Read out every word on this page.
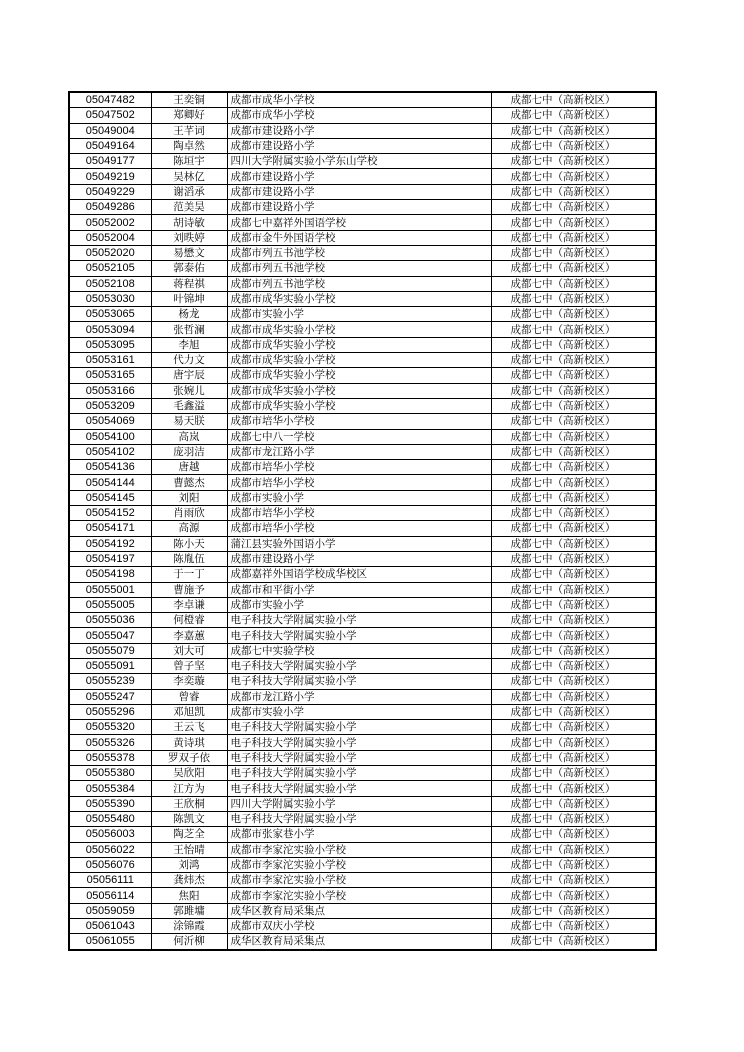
05047482	王奕铜	成都市成华小学校	成都七中（高新校区）
05047502	郑卿好	成都市成华小学校	成都七中（高新校区）
05049004	王芊词	成都市建设路小学	成都七中（高新校区）
05049164	陶卓然	成都市建设路小学	成都七中（高新校区）
05049177	陈垣宇	四川大学附属实验小学东山学校	成都七中（高新校区）
05049219	吴林亿	成都市建设路小学	成都七中（高新校区）
05049229	谢滔承	成都市建设路小学	成都七中（高新校区）
05049286	范美昊	成都市建设路小学	成都七中（高新校区）
05052002	胡诗敏	成都七中嘉祥外国语学校	成都七中（高新校区）
05052004	刘昳婷	成都市金牛外国语学校	成都七中（高新校区）
05052020	易懋文	成都市列五书池学校	成都七中（高新校区）
05052105	郭泰佑	成都市列五书池学校	成都七中（高新校区）
05052108	蒋程祺	成都市列五书池学校	成都七中（高新校区）
05053030	叶锦坤	成都市成华实验小学校	成都七中（高新校区）
05053065	杨龙	成都市实验小学	成都七中（高新校区）
05053094	张哲澜	成都市成华实验小学校	成都七中（高新校区）
05053095	李旭	成都市成华实验小学校	成都七中（高新校区）
05053161	代力文	成都市成华实验小学校	成都七中（高新校区）
05053165	唐宇辰	成都市成华实验小学校	成都七中（高新校区）
05053166	张婉儿	成都市成华实验小学校	成都七中（高新校区）
05053209	毛鑫溢	成都市成华实验小学校	成都七中（高新校区）
05054069	易天朕	成都市培华小学校	成都七中（高新校区）
05054100	高岚	成都七中八一学校	成都七中（高新校区）
05054102	庞羽洁	成都市龙江路小学	成都七中（高新校区）
05054136	唐越	成都市培华小学校	成都七中（高新校区）
05054144	曹懿杰	成都市培华小学校	成都七中（高新校区）
05054145	刘阳	成都市实验小学	成都七中（高新校区）
05054152	肖雨欣	成都市培华小学校	成都七中（高新校区）
05054171	高源	成都市培华小学校	成都七中（高新校区）
05054192	陈小天	蒲江县实验外国语小学	成都七中（高新校区）
05054197	陈胤伍	成都市建设路小学	成都七中（高新校区）
05054198	于一丁	成都嘉祥外国语学校成华校区	成都七中（高新校区）
05055001	曹施予	成都市和平街小学	成都七中（高新校区）
05055005	李卓谦	成都市实验小学	成都七中（高新校区）
05055036	何橙睿	电子科技大学附属实验小学	成都七中（高新校区）
05055047	李嘉蕙	电子科技大学附属实验小学	成都七中（高新校区）
05055079	刘大可	成都七中实验学校	成都七中（高新校区）
05055091	曾子坚	电子科技大学附属实验小学	成都七中（高新校区）
05055239	李奕璇	电子科技大学附属实验小学	成都七中（高新校区）
05055247	曾睿	成都市龙江路小学	成都七中（高新校区）
05055296	邓旭凯	成都市实验小学	成都七中（高新校区）
05055320	王云飞	电子科技大学附属实验小学	成都七中（高新校区）
05055326	黄诗琪	电子科技大学附属实验小学	成都七中（高新校区）
05055378	罗双子依	电子科技大学附属实验小学	成都七中（高新校区）
05055380	吴欣阳	电子科技大学附属实验小学	成都七中（高新校区）
05055384	江方为	电子科技大学附属实验小学	成都七中（高新校区）
05055390	王欣桐	四川大学附属实验小学	成都七中（高新校区）
05055480	陈凯文	电子科技大学附属实验小学	成都七中（高新校区）
05056003	陶芝全	成都市张家巷小学	成都七中（高新校区）
05056022	王怡晴	成都市李家沱实验小学校	成都七中（高新校区）
05056076	刘鸿	成都市李家沱实验小学校	成都七中（高新校区）
05056111	龚炜杰	成都市李家沱实验小学校	成都七中（高新校区）
05056114	焦阳	成都市李家沱实验小学校	成都七中（高新校区）
05059059	郭雎墉	成华区教育局采集点	成都七中（高新校区）
05061043	涂锦霞	成都市双庆小学校	成都七中（高新校区）
05061055	何沂柳	成华区教育局采集点	成都七中（高新校区）
